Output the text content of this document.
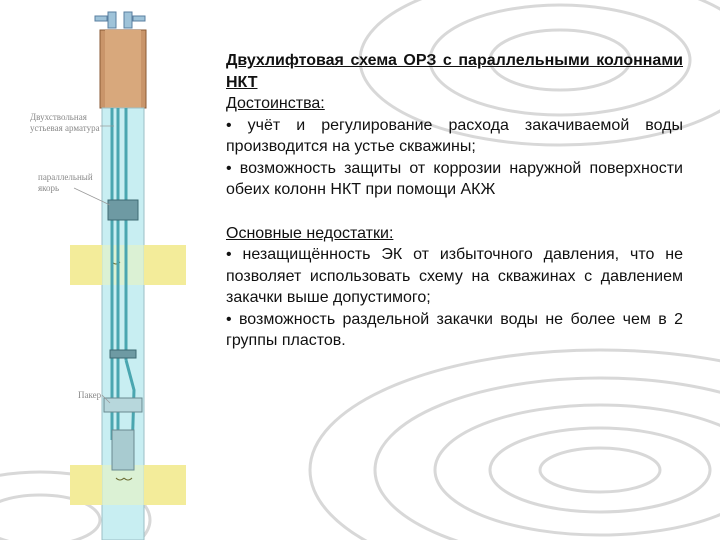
Двухствольная устьевая арматура
параллельный якорь
Пакер

Двухлифтовая схема ОРЗ с параллельными колоннами НКТ

Достоинства:

• учёт и регулирование расхода закачиваемой воды производится на устье скважины;

• возможность защиты от коррозии наружной поверхности обеих колонн НКТ при помощи АКЖ

Основные недостатки:

• незащищённость ЭК от избыточного давления, что не позволяет использовать схему на скважинах с давлением закачки выше допустимого;

• возможность раздельной закачки воды не более чем в 2 группы пластов.
